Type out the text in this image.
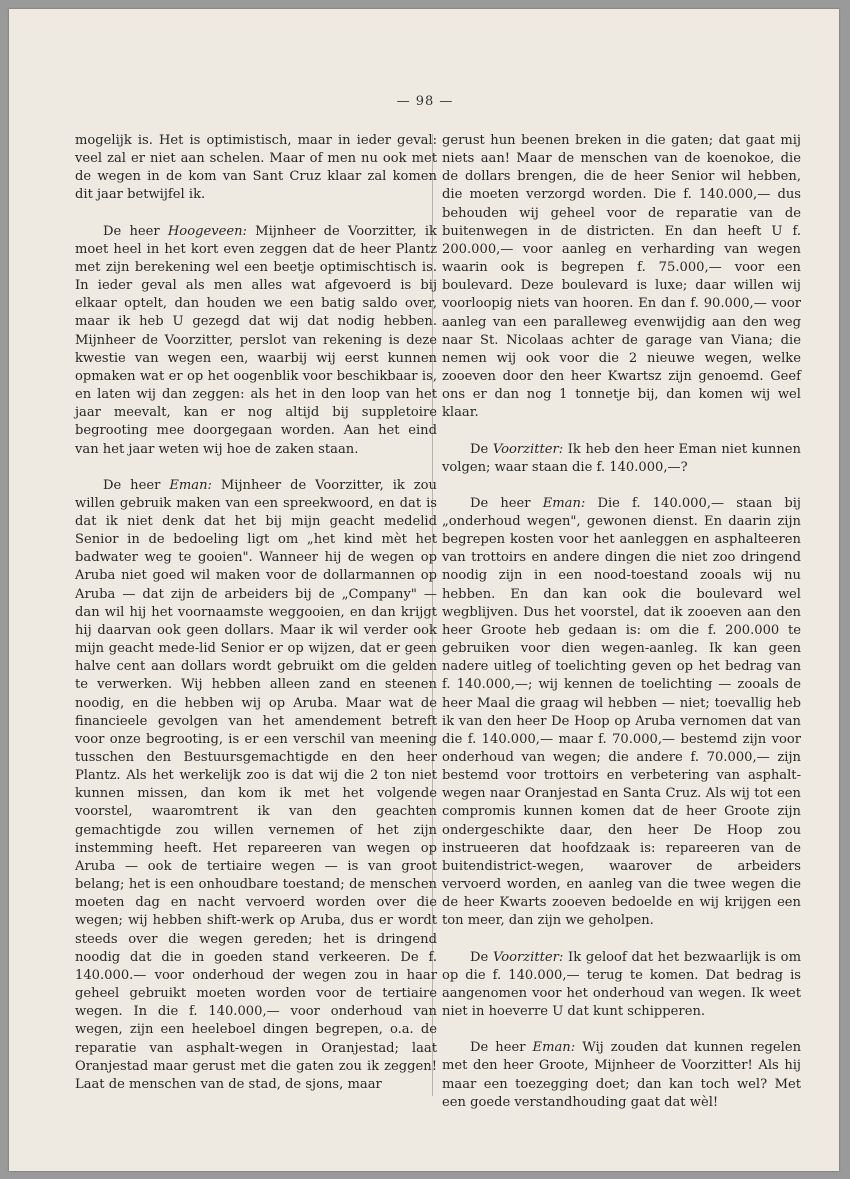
— 98 —

mogelijk is. Het is optimistisch, maar in ieder geval: veel zal er niet aan schelen. Maar of men nu ook met de wegen in de kom van Sant Cruz klaar zal komen dit jaar betwijfel ik.

De heer Hoogeveen: Mijnheer de Voorzitter, ik moet heel in het kort even zeggen dat de heer Plantz met zijn berekening wel een beetje optimischtisch is. In ieder geval als men alles wat afgevoerd is bij elkaar optelt, dan houden we een batig saldo over, maar ik heb U gezegd dat wij dat nodig hebben. Mijnheer de Voorzitter, perslot van rekening is deze kwestie van wegen een, waarbij wij eerst kunnen opmaken wat er op het oogenblik voor beschikbaar is, en laten wij dan zeggen: als het in den loop van het jaar meevalt, kan er nog altijd bij suppletoire begrooting mee doorgegaan worden. Aan het eind van het jaar weten wij hoe de zaken staan.

De heer Eman: Mijnheer de Voorzitter, ik zou willen gebruik maken van een spreekwoord, en dat is dat ik niet denk dat het bij mijn geacht medelid Senior in de bedoeling ligt om „het kind mèt het badwater weg te gooien". Wanneer hij de wegen op Aruba niet goed wil maken voor de dollarmannen op Aruba — dat zijn de arbeiders bij de „Company" — dan wil hij het voornaamste weggooien, en dan krijgt hij daarvan ook geen dollars. Maar ik wil verder ook mijn geacht mede-lid Senior er op wijzen, dat er geen halve cent aan dollars wordt gebruikt om die gelden te verwerken. Wij hebben alleen zand en steenen noodig, en die hebben wij op Aruba. Maar wat de financieele gevolgen van het amendement betreft voor onze begrooting, is er een verschil van meening tusschen den Bestuursgemachtigde en den heer Plantz. Als het werkelijk zoo is dat wij die 2 ton niet kunnen missen, dan kom ik met het volgende voorstel, waaromtrent ik van den geachten gemachtigde zou willen vernemen of het zijn instemming heeft. Het repareeren van wegen op Aruba — ook de tertiaire wegen — is van groot belang; het is een onhoudbare toestand; de menschen moeten dag en nacht vervoerd worden over die wegen; wij hebben shift-werk op Aruba, dus er wordt steeds over die wegen gereden; het is dringend noodig dat die in goeden stand verkeeren. De f. 140.000.— voor onderhoud der wegen zou in haar geheel gebruikt moeten worden voor de tertiaire wegen. In die f. 140.000,— voor onderhoud van wegen, zijn een heeleboel dingen begrepen, o.a. de reparatie van asphalt-wegen in Oranjestad; laat Oranjestad maar gerust met die gaten zou ik zeggen! Laat de menschen van de stad, de sjons, maar

gerust hun beenen breken in die gaten; dat gaat mij niets aan! Maar de menschen van de koenokoe, die de dollars brengen, die de heer Senior wil hebben, die moeten verzorgd worden. Die f. 140.000,— dus behouden wij geheel voor de reparatie van de buitenwegen in de districten. En dan heeft U f. 200.000,— voor aanleg en verharding van wegen waarin ook is begrepen f. 75.000,— voor een boulevard. Deze boulevard is luxe; daar willen wij voorloopig niets van hooren. En dan f. 90.000,— voor aanleg van een paralleweg evenwijdig aan den weg naar St. Nicolaas achter de garage van Viana; die nemen wij ook voor die 2 nieuwe wegen, welke zooeven door den heer Kwartsz zijn genoemd. Geef ons er dan nog 1 tonnetje bij, dan komen wij wel klaar.

De Voorzitter: Ik heb den heer Eman niet kunnen volgen; waar staan die f. 140.000,—?

De heer Eman: Die f. 140.000,— staan bij „onderhoud wegen", gewonen dienst. En daarin zijn begrepen kosten voor het aanleggen en asphalteeren van trottoirs en andere dingen die niet zoo dringend noodig zijn in een nood-toestand zooals wij nu hebben. En dan kan ook die boulevard wel wegblijven. Dus het voorstel, dat ik zooeven aan den heer Groote heb gedaan is: om die f. 200.000 te gebruiken voor dien wegen-aanleg. Ik kan geen nadere uitleg of toelichting geven op het bedrag van f. 140.000,—; wij kennen de toelichting — zooals de heer Maal die graag wil hebben — niet; toevallig heb ik van den heer De Hoop op Aruba vernomen dat van die f. 140.000,— maar f. 70.000,— bestemd zijn voor onderhoud van wegen; die andere f. 70.000,— zijn bestemd voor trottoirs en verbetering van asphalt-wegen naar Oranjestad en Santa Cruz. Als wij tot een compromis kunnen komen dat de heer Groote zijn ondergeschikte daar, den heer De Hoop zou instrueeren dat hoofdzaak is: repareeren van de buitendistrict-wegen, waarover de arbeiders vervoerd worden, en aanleg van die twee wegen die de heer Kwarts zooeven bedoelde en wij krijgen een ton meer, dan zijn we geholpen.

De Voorzitter: Ik geloof dat het bezwaarlijk is om op die f. 140.000,— terug te komen. Dat bedrag is aangenomen voor het onderhoud van wegen. Ik weet niet in hoeverre U dat kunt schipperen.

De heer Eman: Wij zouden dat kunnen regelen met den heer Groote, Mijnheer de Voorzitter! Als hij maar een toezegging doet; dan kan toch wel? Met een goede verstandhouding gaat dat wèl!
